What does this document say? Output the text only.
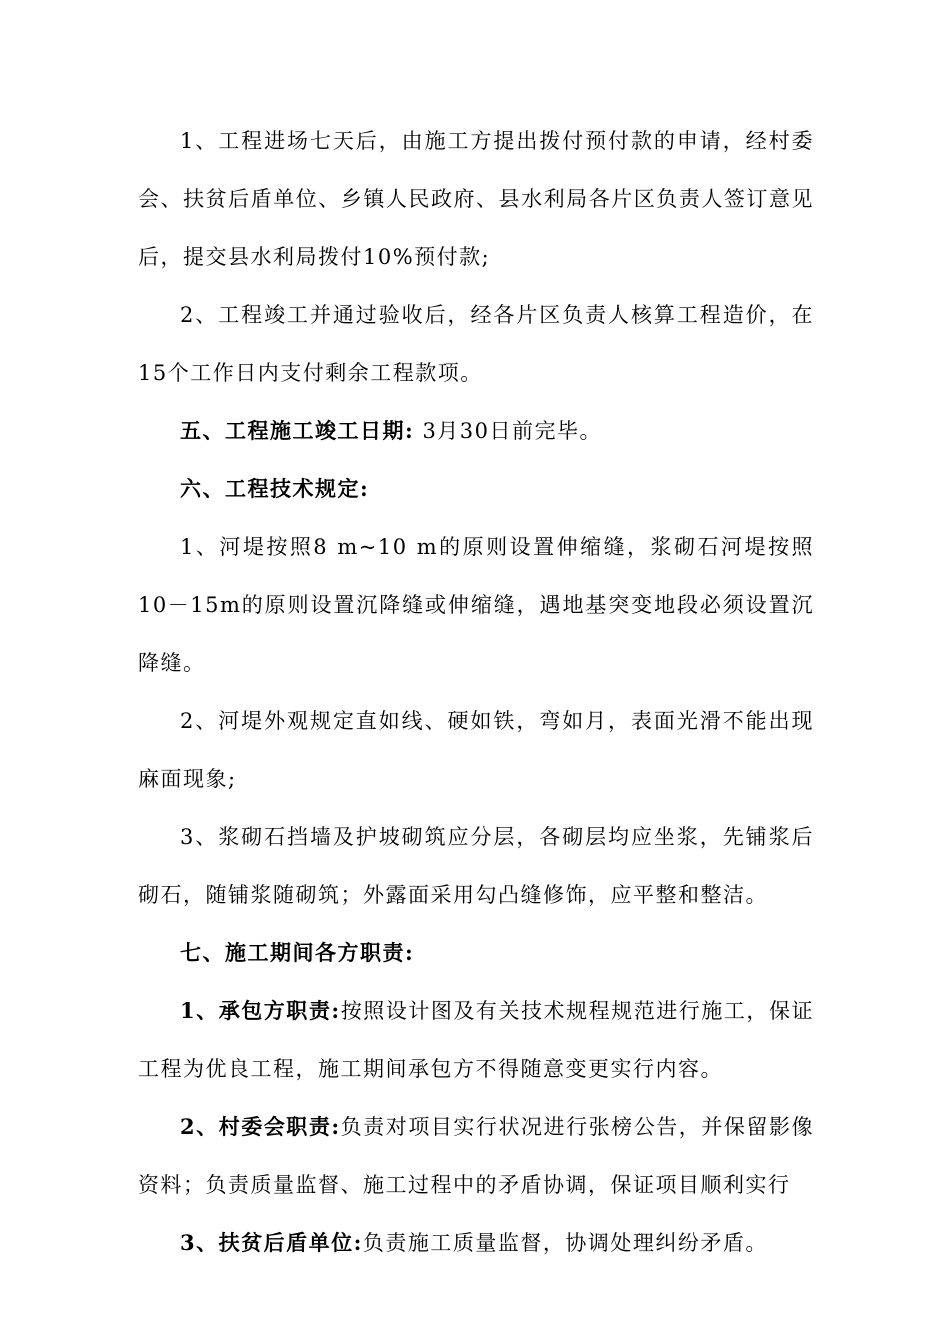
1、工程进场七天后，由施工方提出拨付预付款的申请，经村委会、扶贫后盾单位、乡镇人民政府、县水利局各片区负责人签订意见后，提交县水利局拨付10%预付款;

2、工程竣工并通过验收后，经各片区负责人核算工程造价，在15个工作日内支付剩余工程款项。

五、工程施工竣工日期: 3月30日前完毕。

六、工程技术规定:

1、河堤按照8 m~10 m的原则设置伸缩缝，浆砌石河堤按照10－15m的原则设置沉降缝或伸缩缝，遇地基突变地段必须设置沉降缝。

2、河堤外观规定直如线、硬如铁，弯如月，表面光滑不能出现麻面现象;

3、浆砌石挡墙及护坡砌筑应分层，各砌层均应坐浆，先铺浆后砌石，随铺浆随砌筑；外露面采用勾凸缝修饰，应平整和整洁。

七、施工期间各方职责:

1、承包方职责:按照设计图及有关技术规程规范进行施工，保证工程为优良工程，施工期间承包方不得随意变更实行内容。

2、村委会职责:负责对项目实行状况进行张榜公告，并保留影像资料；负责质量监督、施工过程中的矛盾协调，保证项目顺利实行

3、扶贫后盾单位:负责施工质量监督，协调处理纠纷矛盾。
